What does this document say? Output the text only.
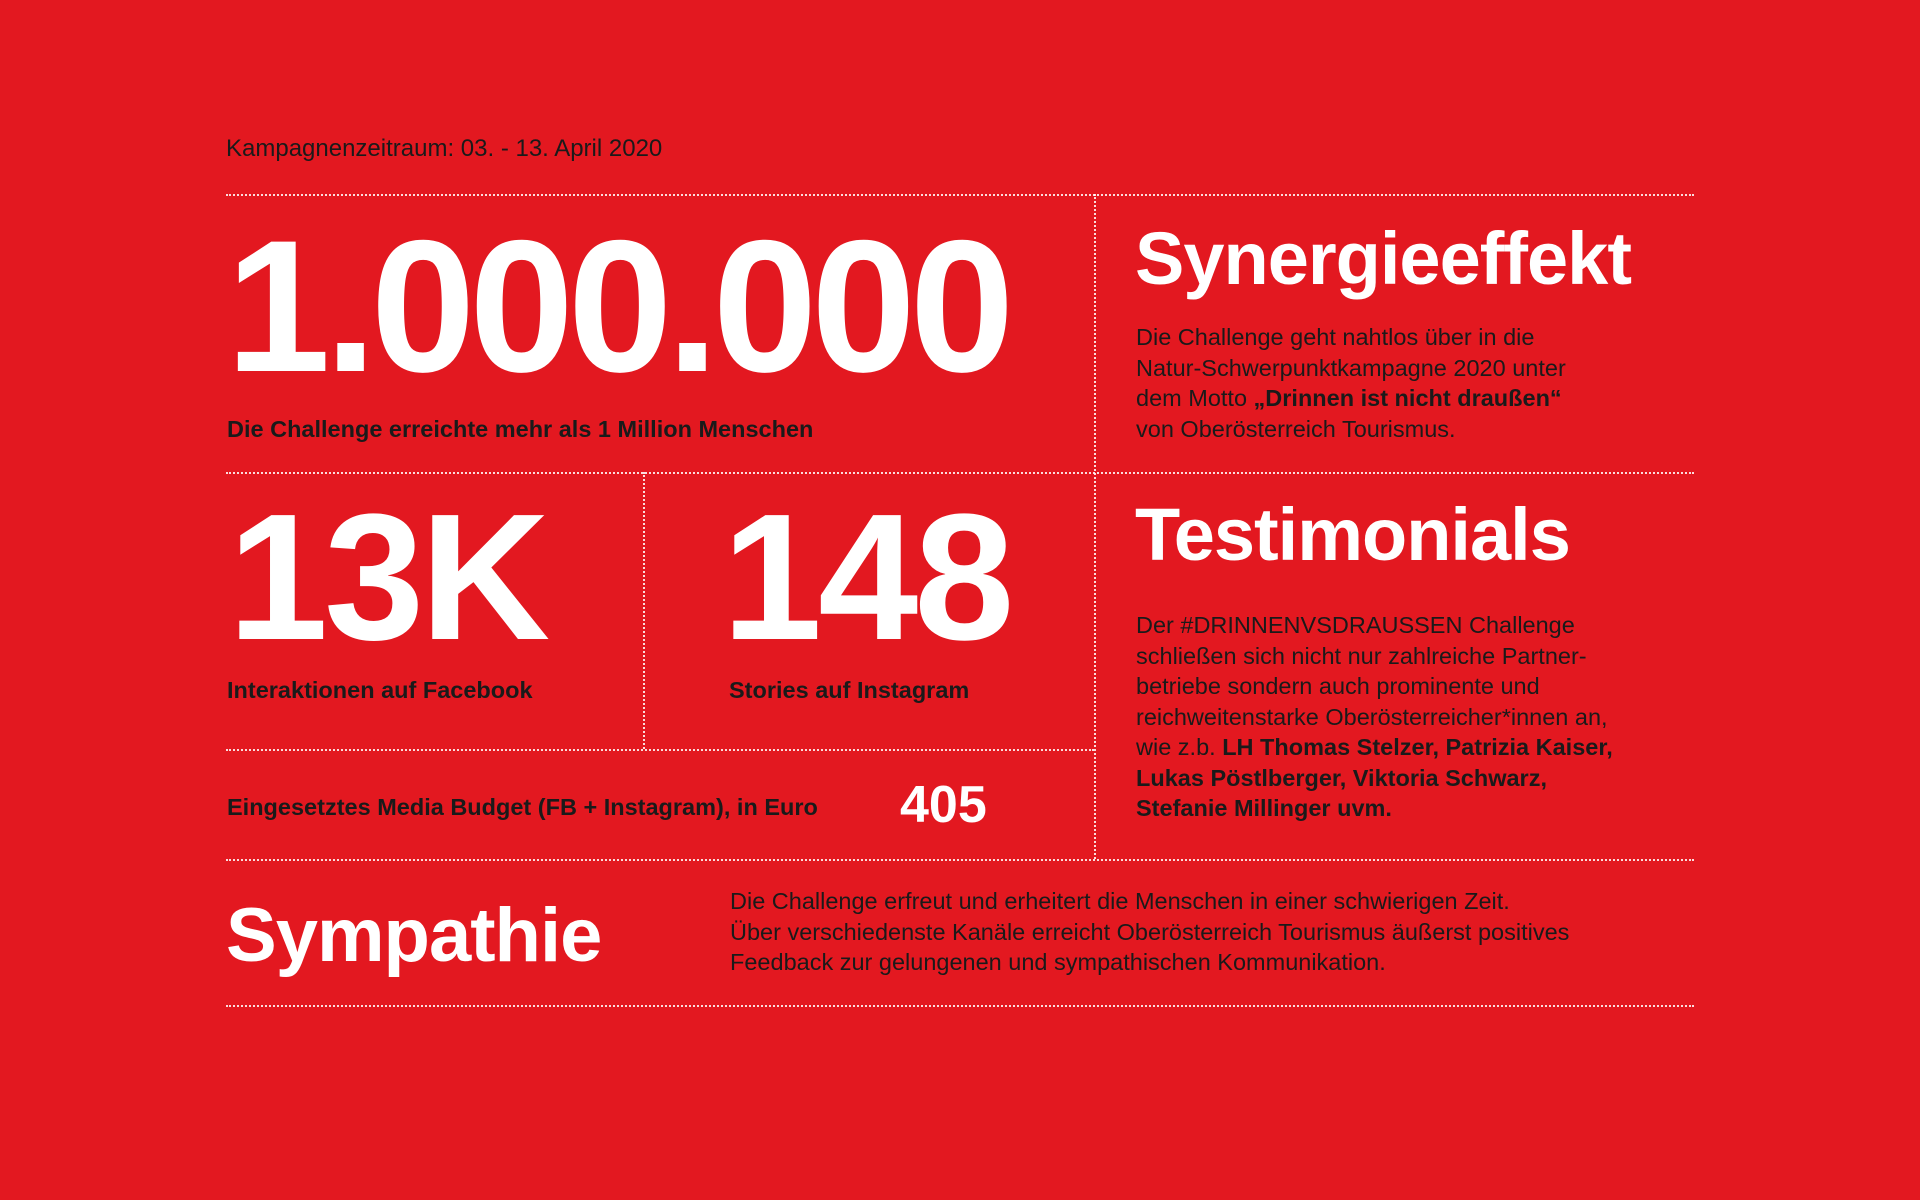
Kampagnenzeitraum: 03. - 13. April 2020
1.000.000
Die Challenge erreichte mehr als 1 Million Menschen
13K
Interaktionen auf Facebook
148
Stories auf Instagram
Eingesetztes Media Budget (FB + Instagram), in Euro 405
Synergieeffekt
Die Challenge geht nahtlos über in die
Natur-Schwerpunktkampagne 2020 unter
dem Motto „Drinnen ist nicht draußen“
von Oberösterreich Tourismus.
Testimonials
Der #DRINNENVSDRAUSSEN Challenge
schließen sich nicht nur zahlreiche Partner-
betriebe sondern auch prominente und
reichweitenstarke Oberösterreicher*innen an,
wie z.b. LH Thomas Stelzer, Patrizia Kaiser,
Lukas Pöstlberger, Viktoria Schwarz,
Stefanie Millinger uvm.
Sympathie	Die Challenge erfreut und erheitert die Menschen in einer schwierigen Zeit.
Über verschiedenste Kanäle erreicht Oberösterreich Tourismus äußerst positives
Feedback zur gelungenen und sympathischen Kommunikation.
